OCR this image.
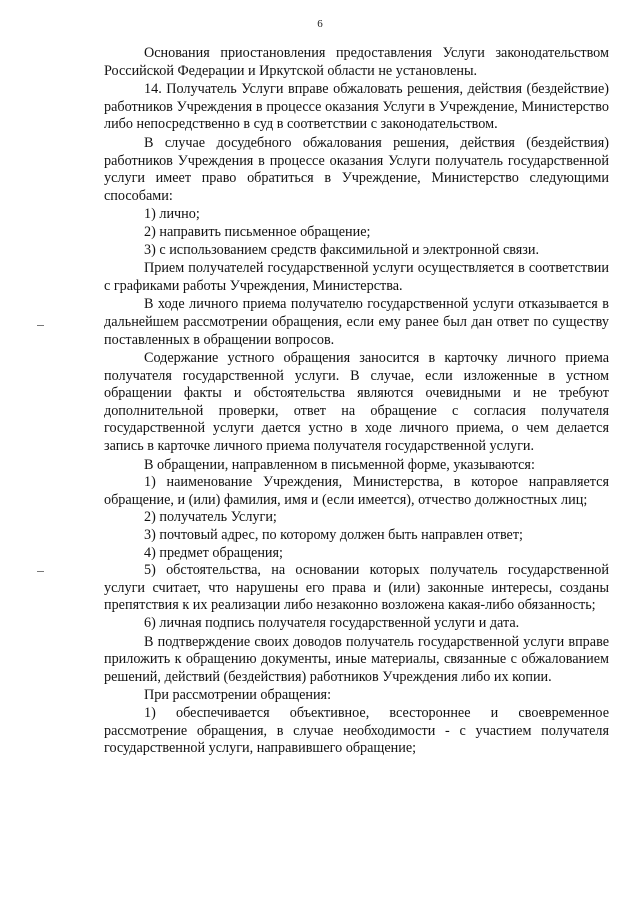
6

Основания приостановления предоставления Услуги законодательством Российской Федерации и Иркутской области не установлены.

14. Получатель Услуги вправе обжаловать решения, действия (бездействие) работников Учреждения в процессе оказания Услуги в Учреждение, Министерство либо непосредственно в суд в соответствии с законодательством.

В случае досудебного обжалования решения, действия (бездействия) работников Учреждения в процессе оказания Услуги получатель государственной услуги имеет право обратиться в Учреждение, Министерство следующими способами:

1) лично;

2) направить письменное обращение;

3) с использованием средств факсимильной и электронной связи.

Прием получателей государственной услуги осуществляется в соответствии с графиками работы Учреждения, Министерства.

В ходе личного приема получателю государственной услуги отказывается в дальнейшем рассмотрении обращения, если ему ранее был дан ответ по существу поставленных в обращении вопросов.

Содержание устного обращения заносится в карточку личного приема получателя государственной услуги. В случае, если изложенные в устном обращении факты и обстоятельства являются очевидными и не требуют дополнительной проверки, ответ на обращение с согласия получателя государственной услуги дается устно в ходе личного приема, о чем делается запись в карточке личного приема получателя государственной услуги.

В обращении, направленном в письменной форме, указываются:

1) наименование Учреждения, Министерства, в которое направляется обращение, и (или) фамилия, имя и (если имеется), отчество должностных лиц;

2) получатель Услуги;

3) почтовый адрес, по которому должен быть направлен ответ;

4) предмет обращения;

5) обстоятельства, на основании которых получатель государственной услуги считает, что нарушены его права и (или) законные интересы, созданы препятствия к их реализации либо незаконно возложена какая-либо обязанность;

6) личная подпись получателя государственной услуги и дата.

В подтверждение своих доводов получатель государственной услуги вправе приложить к обращению документы, иные материалы, связанные с обжалованием решений, действий (бездействия) работников Учреждения либо их копии.

При рассмотрении обращения:

1) обеспечивается объективное, всестороннее и своевременное рассмотрение обращения, в случае необходимости - с участием получателя государственной услуги, направившего обращение;
